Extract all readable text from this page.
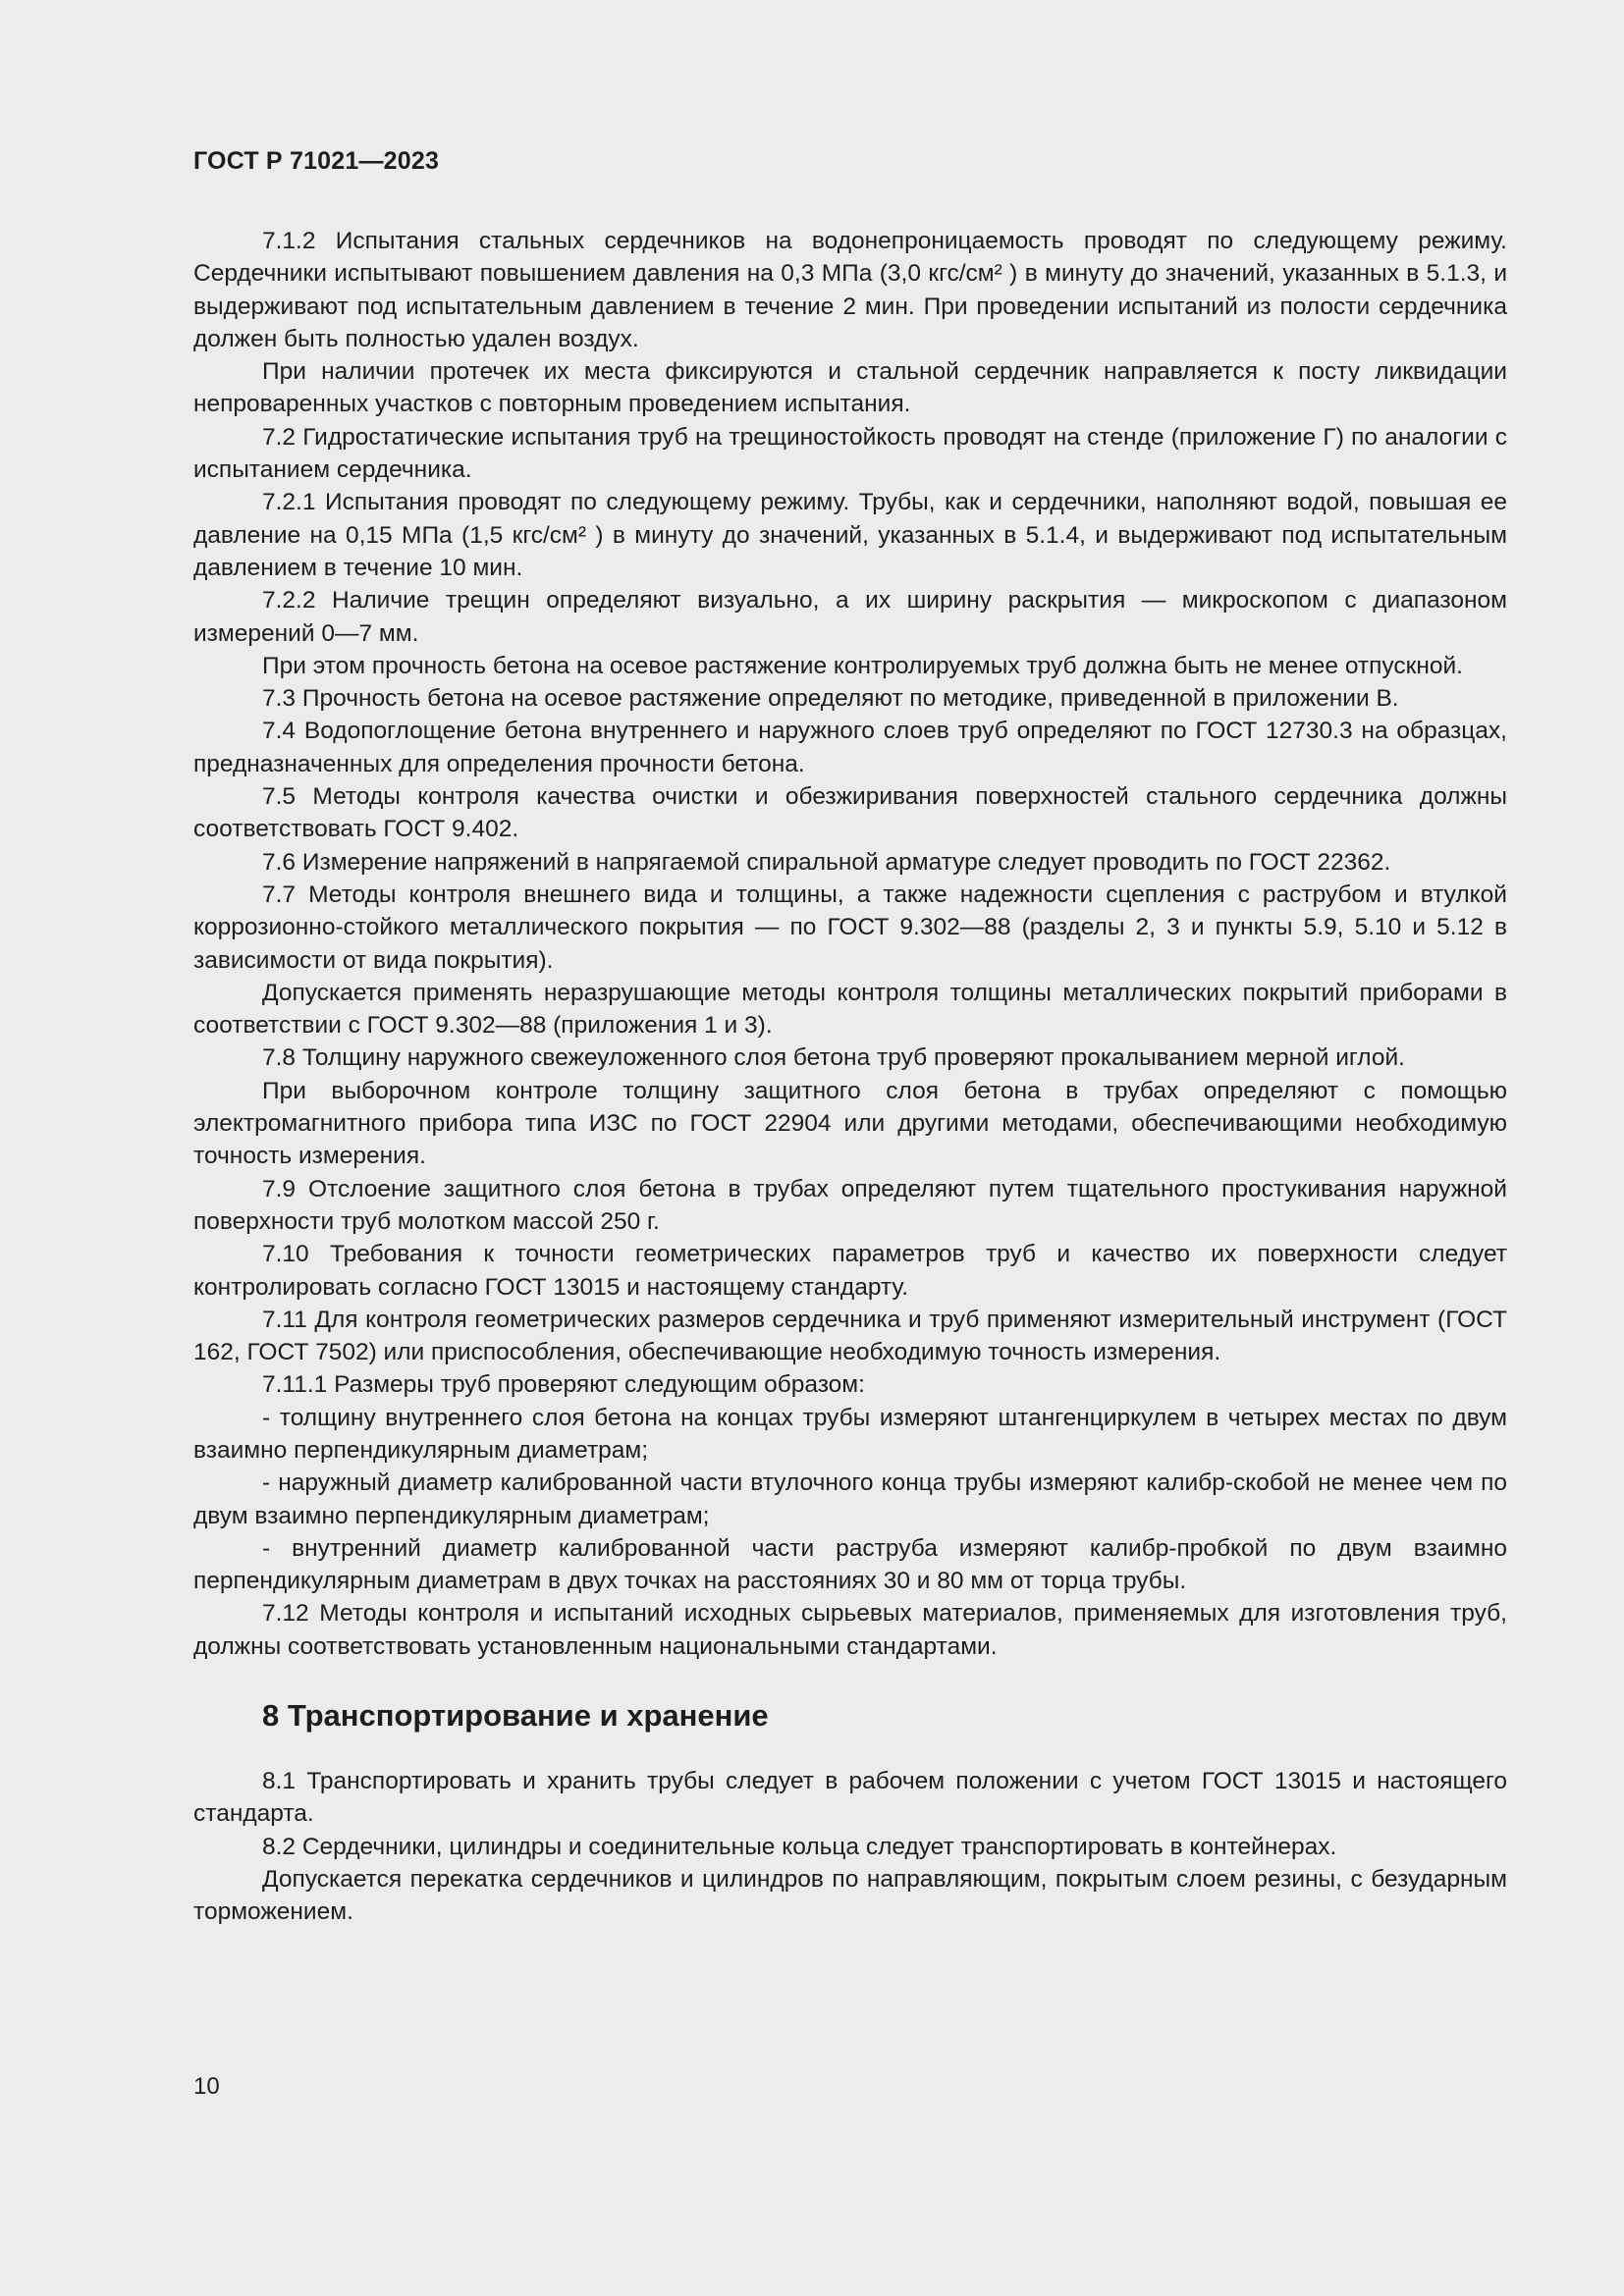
ГОСТ Р 71021—2023

7.1.2 Испытания стальных сердечников на водонепроницаемость проводят по следующему режиму. Сердечники испытывают повышением давления на 0,3 МПа (3,0 кгс/см² ) в минуту до значений, указанных в 5.1.3, и выдерживают под испытательным давлением в течение 2 мин. При проведении испытаний из полости сердечника должен быть полностью удален воздух.

При наличии протечек их места фиксируются и стальной сердечник направляется к посту ликвидации непроваренных участков с повторным проведением испытания.

7.2 Гидростатические испытания труб на трещиностойкость проводят на стенде (приложение Г) по аналогии с испытанием сердечника.

7.2.1 Испытания проводят по следующему режиму. Трубы, как и сердечники, наполняют водой, повышая ее давление на 0,15 МПа (1,5 кгс/см² ) в минуту до значений, указанных в 5.1.4, и выдерживают под испытательным давлением в течение 10 мин.

7.2.2 Наличие трещин определяют визуально, а их ширину раскрытия — микроскопом с диапазоном измерений 0—7 мм.

При этом прочность бетона на осевое растяжение контролируемых труб должна быть не менее отпускной.

7.3 Прочность бетона на осевое растяжение определяют по методике, приведенной в приложении В.

7.4 Водопоглощение бетона внутреннего и наружного слоев труб определяют по ГОСТ 12730.3 на образцах, предназначенных для определения прочности бетона.

7.5 Методы контроля качества очистки и обезжиривания поверхностей стального сердечника должны соответствовать ГОСТ 9.402.

7.6 Измерение напряжений в напрягаемой спиральной арматуре следует проводить по ГОСТ 22362.

7.7 Методы контроля внешнего вида и толщины, а также надежности сцепления с раструбом и втулкой коррозионно-стойкого металлического покрытия — по ГОСТ 9.302—88 (разделы 2, 3 и пункты 5.9, 5.10 и 5.12 в зависимости от вида покрытия).

Допускается применять неразрушающие методы контроля толщины металлических покрытий приборами в соответствии с ГОСТ 9.302—88 (приложения 1 и 3).

7.8 Толщину наружного свежеуложенного слоя бетона труб проверяют прокалыванием мерной иглой.

При выборочном контроле толщину защитного слоя бетона в трубах определяют с помощью электромагнитного прибора типа ИЗС по ГОСТ 22904 или другими методами, обеспечивающими необходимую точность измерения.

7.9 Отслоение защитного слоя бетона в трубах определяют путем тщательного простукивания наружной поверхности труб молотком массой 250 г.

7.10 Требования к точности геометрических параметров труб и качество их поверхности следует контролировать согласно ГОСТ 13015 и настоящему стандарту.

7.11 Для контроля геометрических размеров сердечника и труб применяют измерительный инструмент (ГОСТ 162, ГОСТ 7502) или приспособления, обеспечивающие необходимую точность измерения.

7.11.1 Размеры труб проверяют следующим образом:

- толщину внутреннего слоя бетона на концах трубы измеряют штангенциркулем в четырех местах по двум взаимно перпендикулярным диаметрам;

- наружный диаметр калиброванной части втулочного конца трубы измеряют калибр-скобой не менее чем по двум взаимно перпендикулярным диаметрам;

- внутренний диаметр калиброванной части раструба измеряют калибр-пробкой по двум взаимно перпендикулярным диаметрам в двух точках на расстояниях 30 и 80 мм от торца трубы.

7.12 Методы контроля и испытаний исходных сырьевых материалов, применяемых для изготовления труб, должны соответствовать установленным национальными стандартами.

8 Транспортирование и хранение

8.1 Транспортировать и хранить трубы следует в рабочем положении с учетом ГОСТ 13015 и настоящего стандарта.

8.2 Сердечники, цилиндры и соединительные кольца следует транспортировать в контейнерах.

Допускается перекатка сердечников и цилиндров по направляющим, покрытым слоем резины, с безударным торможением.

10
